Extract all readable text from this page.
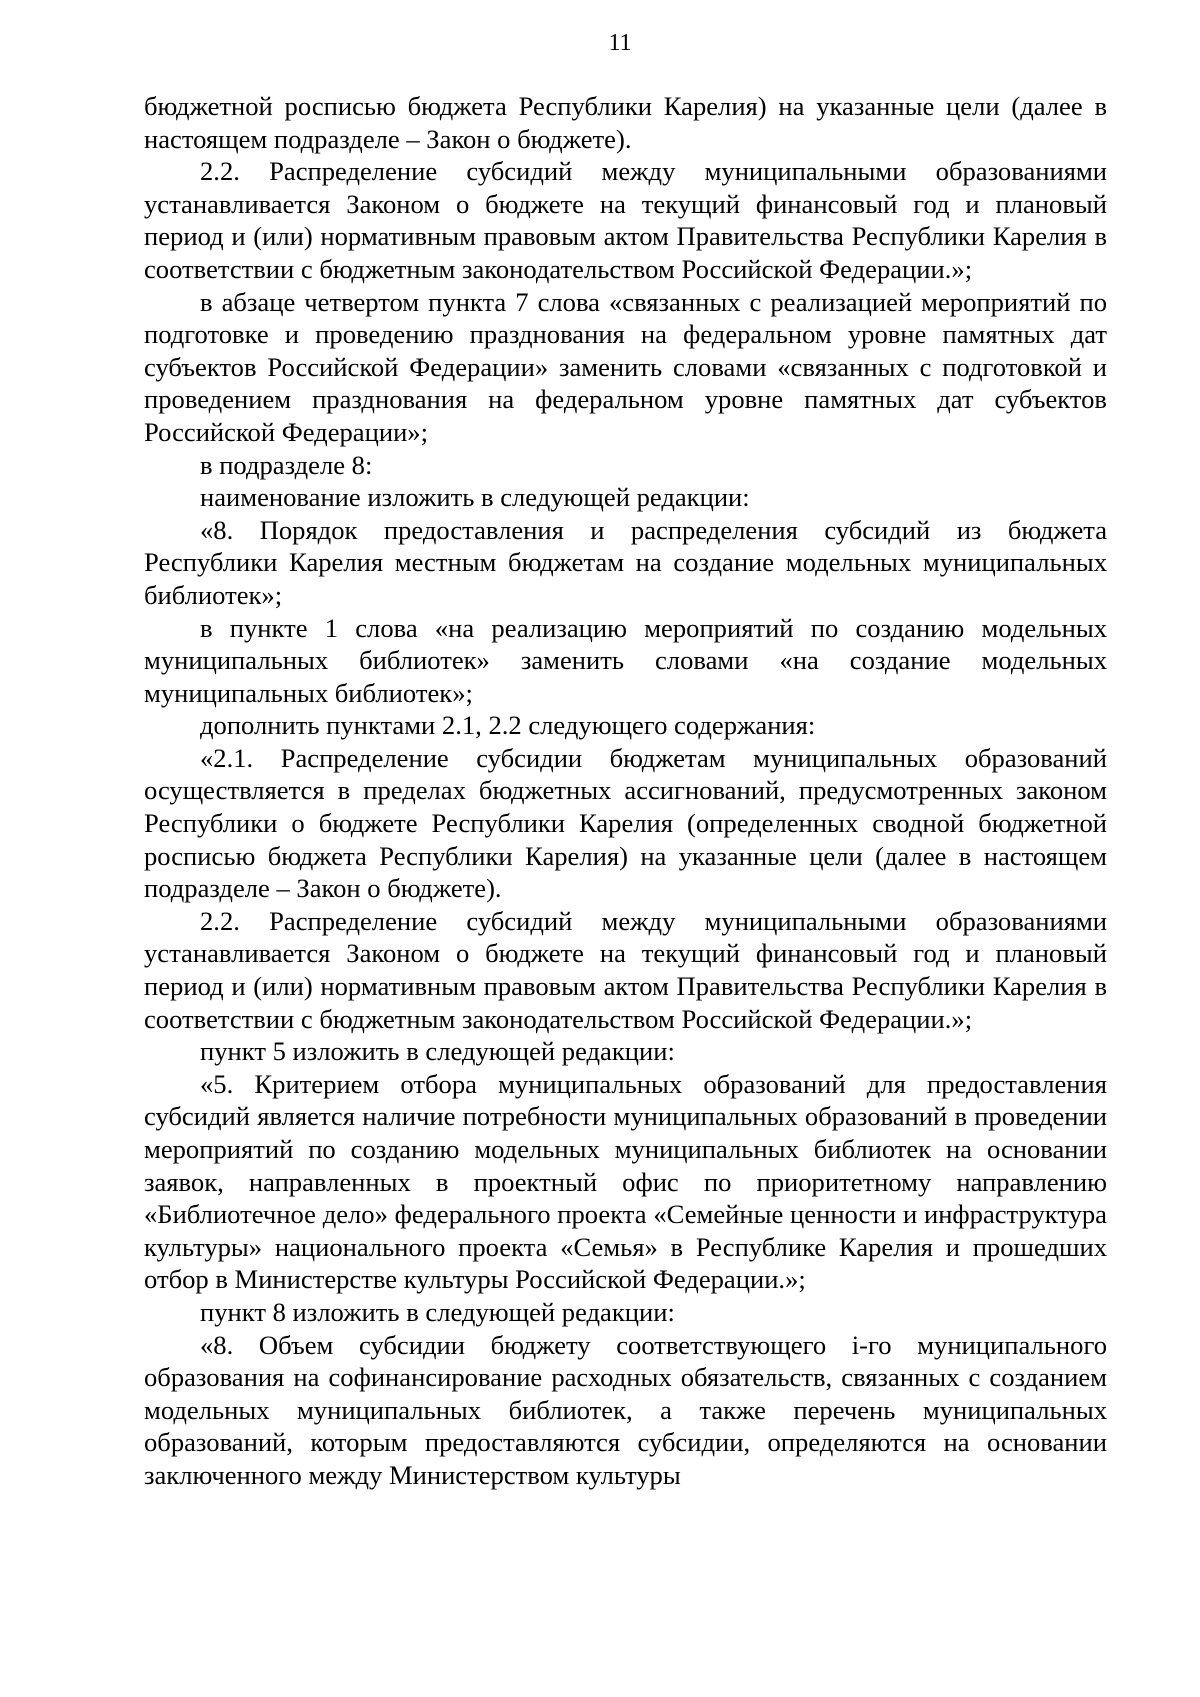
11

бюджетной росписью бюджета Республики Карелия) на указанные цели (далее в настоящем подразделе – Закон о бюджете).

2.2. Распределение субсидий между муниципальными образованиями устанавливается Законом о бюджете на текущий финансовый год и плановый период и (или) нормативным правовым актом Правительства Республики Карелия в соответствии с бюджетным законодательством Российской Федерации.»;

в абзаце четвертом пункта 7 слова «связанных с реализацией мероприятий по подготовке и проведению празднования на федеральном уровне памятных дат субъектов Российской Федерации» заменить словами «связанных с подготовкой и проведением празднования на федеральном уровне памятных дат субъектов Российской Федерации»;

в подразделе 8:

наименование изложить в следующей редакции:

«8. Порядок предоставления и распределения субсидий из бюджета Республики Карелия местным бюджетам на создание модельных муниципальных библиотек»;

в пункте 1 слова «на реализацию мероприятий по созданию модельных муниципальных библиотек» заменить словами «на создание модельных муниципальных библиотек»;

дополнить пунктами 2.1, 2.2 следующего содержания:

«2.1. Распределение субсидии бюджетам муниципальных образований осуществляется в пределах бюджетных ассигнований, предусмотренных законом Республики о бюджете Республики Карелия (определенных сводной бюджетной росписью бюджета Республики Карелия) на указанные цели (далее в настоящем подразделе – Закон о бюджете).

2.2. Распределение субсидий между муниципальными образованиями устанавливается Законом о бюджете на текущий финансовый год и плановый период и (или) нормативным правовым актом Правительства Республики Карелия в соответствии с бюджетным законодательством Российской Федерации.»;

пункт 5 изложить в следующей редакции:

«5. Критерием отбора муниципальных образований для предоставления субсидий является наличие потребности муниципальных образований в проведении мероприятий по созданию модельных муниципальных библиотек на основании заявок, направленных в проектный офис по приоритетному направлению «Библиотечное дело» федерального проекта «Семейные ценности и инфраструктура культуры» национального проекта «Семья» в Республике Карелия и прошедших отбор в Министерстве культуры Российской Федерации.»;

пункт 8 изложить в следующей редакции:

«8. Объем субсидии бюджету соответствующего i-го муниципального образования на софинансирование расходных обязательств, связанных с созданием модельных муниципальных библиотек, а также перечень муниципальных образований, которым предоставляются субсидии, определяются на основании заключенного между Министерством культуры
